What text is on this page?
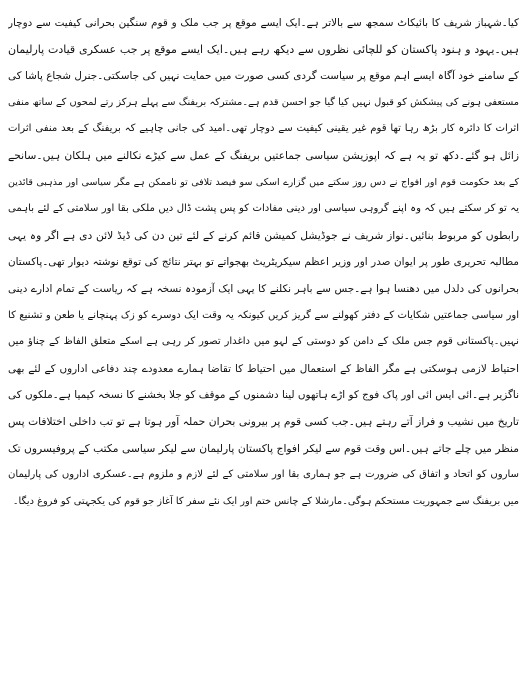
کیا۔شہباز شریف کا بائیکاٹ سمجھ سے بالاتر ہے۔ایک ایسے موقع پر جب ملک و قوم سنگین بحرانی کیفیت سے دوچار
ہیں۔یہود و ہنود پاکستان کو للچائی نظروں سے دیکھ رہے ہیں۔ایک ایسے موقع پر جب عسکری قیادت پارلیمان
کے سامنے خود آگاہ ایسے اہم موقع پر سیاست گردی کسی صورت میں حمایت نہیں کی جاسکتی۔جنرل شجاع پاشا کی
مستعفی ہونے کی پیشکش کو قبول نہیں کیا گیا جو احسن قدم ہے۔مشترکہ بریفنگ سے پہلے ہرکز رتے لمحوں کے ساتھ منفی
اثرات کا دائرہ کار بڑھ رہا تھا قوم غیر یقینی کیفیت سے دوچار تھی۔امید کی جانی چاہیے کہ بریفنگ کے بعد منفی اثرات
زائل ہو گئے۔دکھ تو یہ ہے کہ اپوزیشن سیاسی جماعتیں بریفنگ کے عمل سے کیڑے نکالنے میں ہلکان ہیں۔سانحے
کے بعد حکومت قوم اور افواج نے دس روز سکتے میں گزارے اسکی سو فیصد تلافی تو ناممکن ہے مگر سیاسی اور مذہبی قائدین
یہ تو کر سکتے ہیں کہ وہ اپنے گروہی سیاسی اور دینی مفادات کو پس پشت ڈال دیں ملکی بقا اور سلامتی کے لئے باہمی
رابطوں کو مربوط بنائیں۔نواز شریف نے جوڈیشل کمیشن قائم کرنے کے لئے تین دن کی ڈیڈ لائن دی ہے اگر وہ یہی
مطالبہ تحریری طور پر ایوان صدر اور وزیر اعظم سیکریٹریٹ بھجواتے تو بہتر نتائج کی توقع نوشتہ دیوار تھی۔پاکستان
بحرانوں کی دلدل میں دھنسا ہوا ہے۔جس سے باہر نکلنے کا یہی ایک آزمودہ نسخہ ہے کہ ریاست کے تمام ادارے دینی
اور سیاسی جماعتیں شکایات کے دفتر کھولنے سے گریز کریں کیونکہ یہ وقت ایک دوسرے کو زک پہنچانے یا طعن و تشنیع کا
نہیں۔پاکستانی قوم جس ملک کے دامن کو دوستی کے لہو میں داغدار تصور کر رہی ہے اسکے متعلق الفاظ کے چناؤ میں
احتیاط لازمی ہوسکتی ہے مگر الفاظ کے استعمال میں احتیاط کا تقاضا ہمارے معدودے چند دفاعی اداروں کے لئے بھی
ناگزیر ہے۔ائی ایس ائی اور پاک فوج کو اڑے ہاتھوں لینا دشمنوں کے موقف کو جلا بخشنے کا نسخہ کیمیا ہے۔ملکوں کی
تاریخ میں نشیب و فراز آتے رہتے ہیں۔جب کسی قوم پر بیرونی بحران حملہ آور ہوتا ہے تو تب داخلی اختلافات پس
منظر میں چلے جاتے ہیں۔اس وقت قوم سے لیکر افواج پاکستان پارلیمان سے لیکر سیاسی مکتب کے پروفیسروں تک
ساروں کو اتحاد و اتفاق کی ضرورت ہے جو ہماری بقا اور سلامتی کے لئے لازم و ملزوم ہے۔عسکری اداروں کی پارلیمان
میں بریفنگ سے جمہوریت مستحکم ہوگی۔مارشلا کے چانس ختم اور ایک نئے سفر کا آغاز جو قوم کی یکجہتی کو فروغ دیگا۔
